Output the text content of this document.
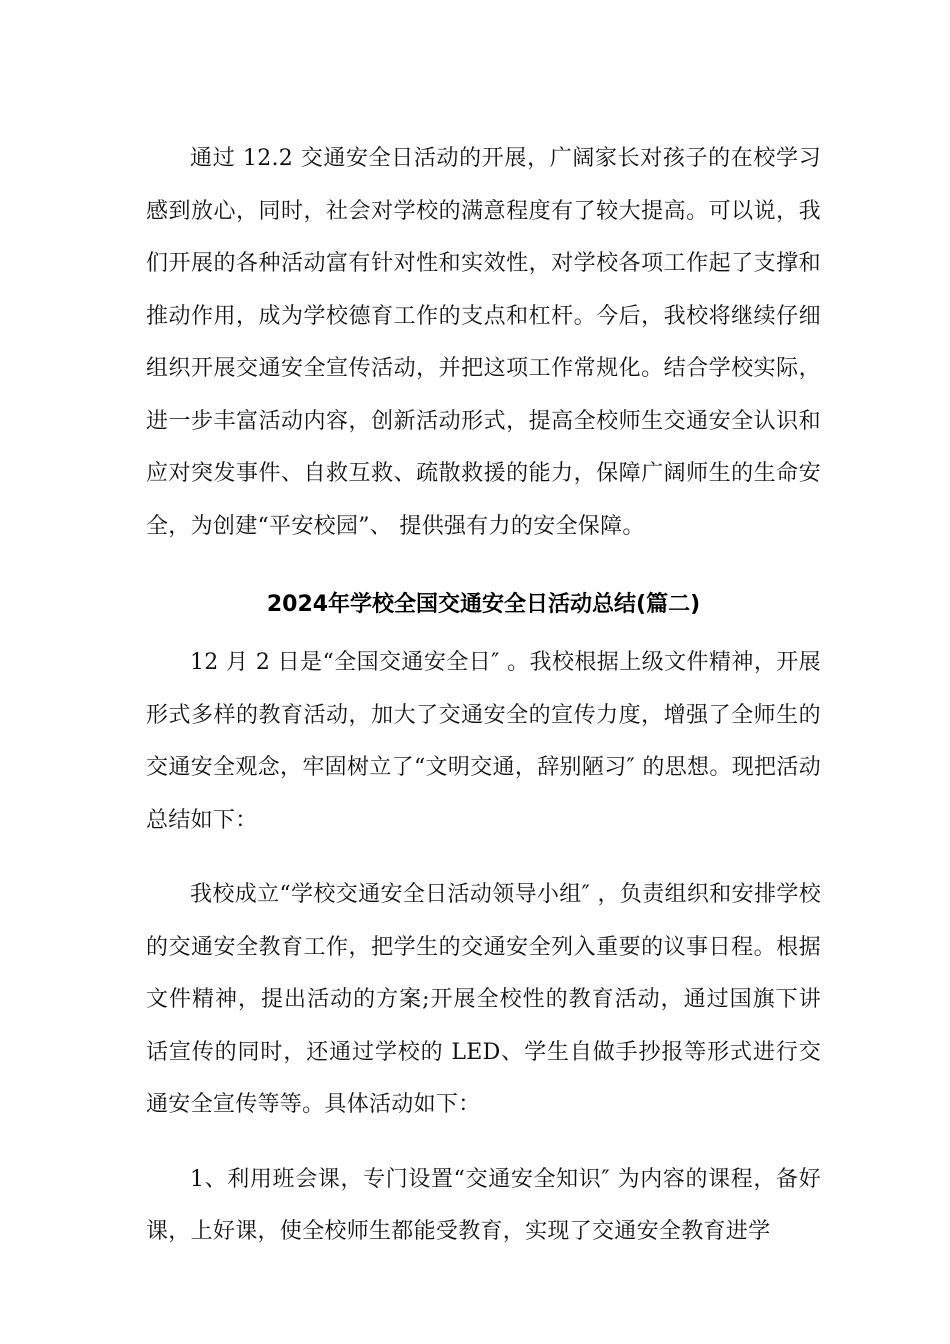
通过 12.2 交通安全日活动的开展，广阔家长对孩子的在校学习感到放心，同时，社会对学校的满意程度有了较大提高。可以说，我们开展的各种活动富有针对性和实效性，对学校各项工作起了支撑和推动作用，成为学校德育工作的支点和杠杆。今后，我校将继续仔细组织开展交通安全宣传活动，并把这项工作常规化。结合学校实际，进一步丰富活动内容，创新活动形式，提高全校师生交通安全认识和应对突发事件、自救互救、疏散救援的能力，保障广阔师生的生命安全，为创建“平安校园”、 提供强有力的安全保障。

2024年学校全国交通安全日活动总结(篇二)

12 月 2 日是“全国交通安全日″ 。我校根据上级文件精神，开展形式多样的教育活动，加大了交通安全的宣传力度，增强了全师生的交通安全观念，牢固树立了“文明交通，辞别陋习″ 的思想。现把活动总结如下：

我校成立“学校交通安全日活动领导小组″ ，负责组织和安排学校的交通安全教育工作，把学生的交通安全列入重要的议事日程。根据文件精神，提出活动的方案;开展全校性的教育活动，通过国旗下讲话宣传的同时，还通过学校的 LED、学生自做手抄报等形式进行交通安全宣传等等。具体活动如下：

1、利用班会课，专门设置“交通安全知识″ 为内容的课程，备好课，上好课，使全校师生都能受教育，实现了交通安全教育进学
